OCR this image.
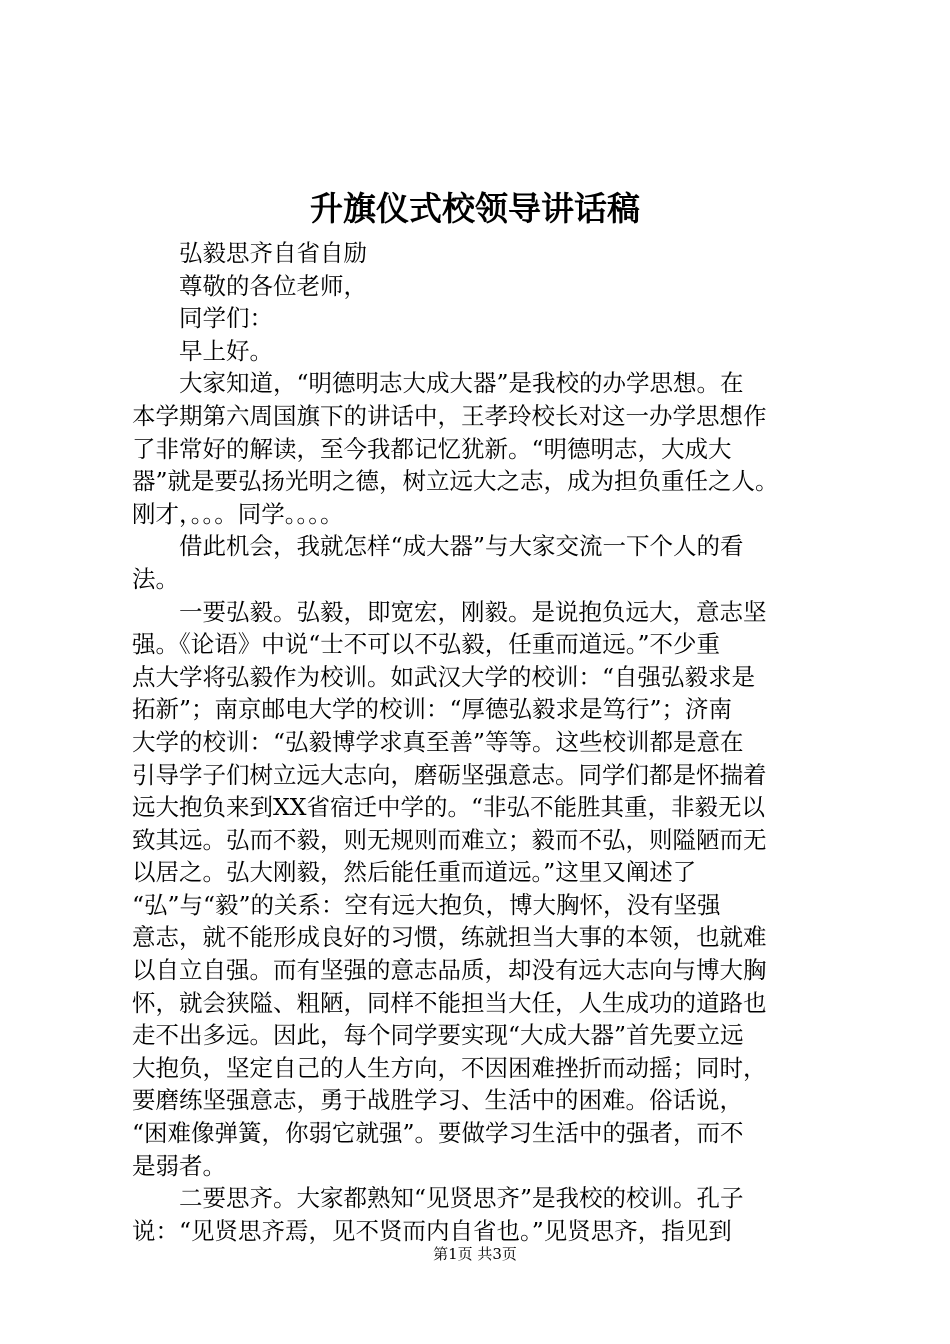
升旗仪式校领导讲话稿
　　弘毅思齐自省自励
　　尊敬的各位老师，
　　同学们：
　　早上好。
　　大家知道，“明德明志大成大器”是我校的办学思想。在
本学期第六周国旗下的讲话中，王孝玲校长对这一办学思想作
了非常好的解读，至今我都记忆犹新。“明德明志，大成大
器”就是要弘扬光明之德，树立远大之志，成为担负重任之人。
刚才，。。。同学。。。。
　　借此机会，我就怎样“成大器”与大家交流一下个人的看
法。
　　一要弘毅。弘毅，即宽宏，刚毅。是说抱负远大，意志坚
强。《论语》中说“士不可以不弘毅，任重而道远。”不少重
点大学将弘毅作为校训。如武汉大学的校训：“自强弘毅求是
拓新”；南京邮电大学的校训：“厚德弘毅求是笃行”；济南
大学的校训：“弘毅博学求真至善”等等。这些校训都是意在
引导学子们树立远大志向，磨砺坚强意志。同学们都是怀揣着
远大抱负来到XX省宿迁中学的。“非弘不能胜其重，非毅无以
致其远。弘而不毅，则无规则而难立；毅而不弘，则隘陋而无
以居之。弘大刚毅，然后能任重而道远。”这里又阐述了
“弘”与“毅”的关系：空有远大抱负，博大胸怀，没有坚强
意志，就不能形成良好的习惯，练就担当大事的本领，也就难
以自立自强。而有坚强的意志品质，却没有远大志向与博大胸
怀，就会狭隘、粗陋，同样不能担当大任，人生成功的道路也
走不出多远。因此，每个同学要实现“大成大器”首先要立远
大抱负，坚定自己的人生方向，不因困难挫折而动摇；同时，
要磨练坚强意志，勇于战胜学习、生活中的困难。俗话说，
“困难像弹簧，你弱它就强”。要做学习生活中的强者，而不
是弱者。
　　二要思齐。大家都熟知“见贤思齐”是我校的校训。孔子
说：“见贤思齐焉，见不贤而内自省也。”见贤思齐，指见到
第1页 共3页
